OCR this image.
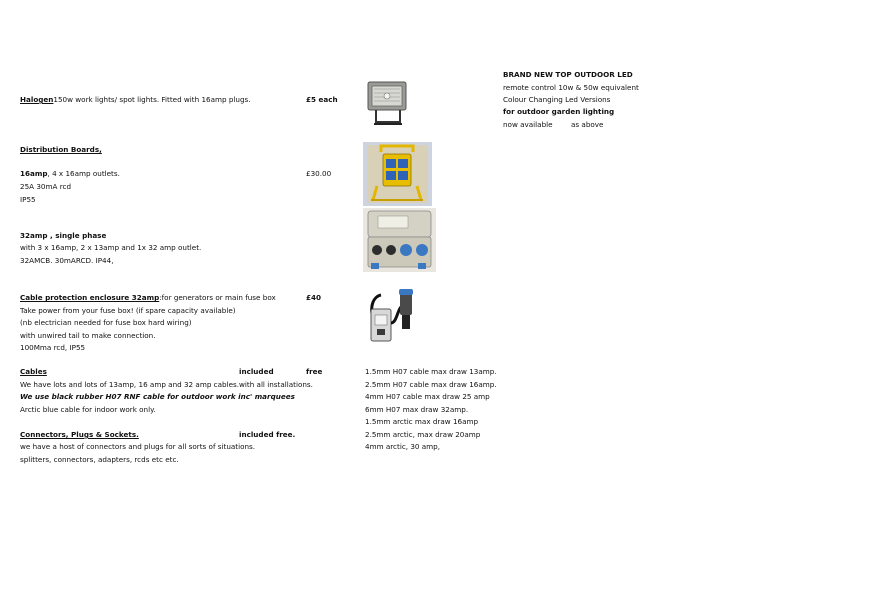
BRAND NEW TOP OUTDOOR LED
remote control 10w & 50w equivalent
Colour Changing Led Versions
for outdoor garden lighting
now available	as above
Halogen150w work lights/ spot lights. Fitted with 16amp plugs.	£5 each
Distribution Boards,
16amp, 4 x 16amp outlets.	£30.00
25A 30mA rcd
IP55
32amp , single phase
with 3 x 16amp, 2 x 13amp and 1x 32 amp outlet.
32AMCB. 30mARCD. IP44,
Cable protection enclosure 32amp:for generators or main fuse box	£40
Take power from your fuse box! (if spare capacity available)
(nb electrician needed for fuse box hard wiring)
with unwired tail to make connection.
100Mma rcd, IP55
Cables	included	free
We have lots and lots of 13amp, 16 amp and 32 amp cables. with all installations.
We use black rubber H07 RNF cable for outdoor work inc' marquees
Arctic blue cable for indoor work only.
Connectors, Plugs & Sockets.	included free.
we have a host of connectors and plugs for all sorts of situations.
splitters, connectors, adapters, rcds etc etc.
1.5mm H07 cable max draw 13amp.
2.5mm H07 cable max draw 16amp.
4mm H07 cable max draw 25 amp
6mm H07 max draw 32amp.
1.5mm arctic max draw 16amp
2.5mm arctic, max draw 20amp
4mm arctic, 30 amp,
